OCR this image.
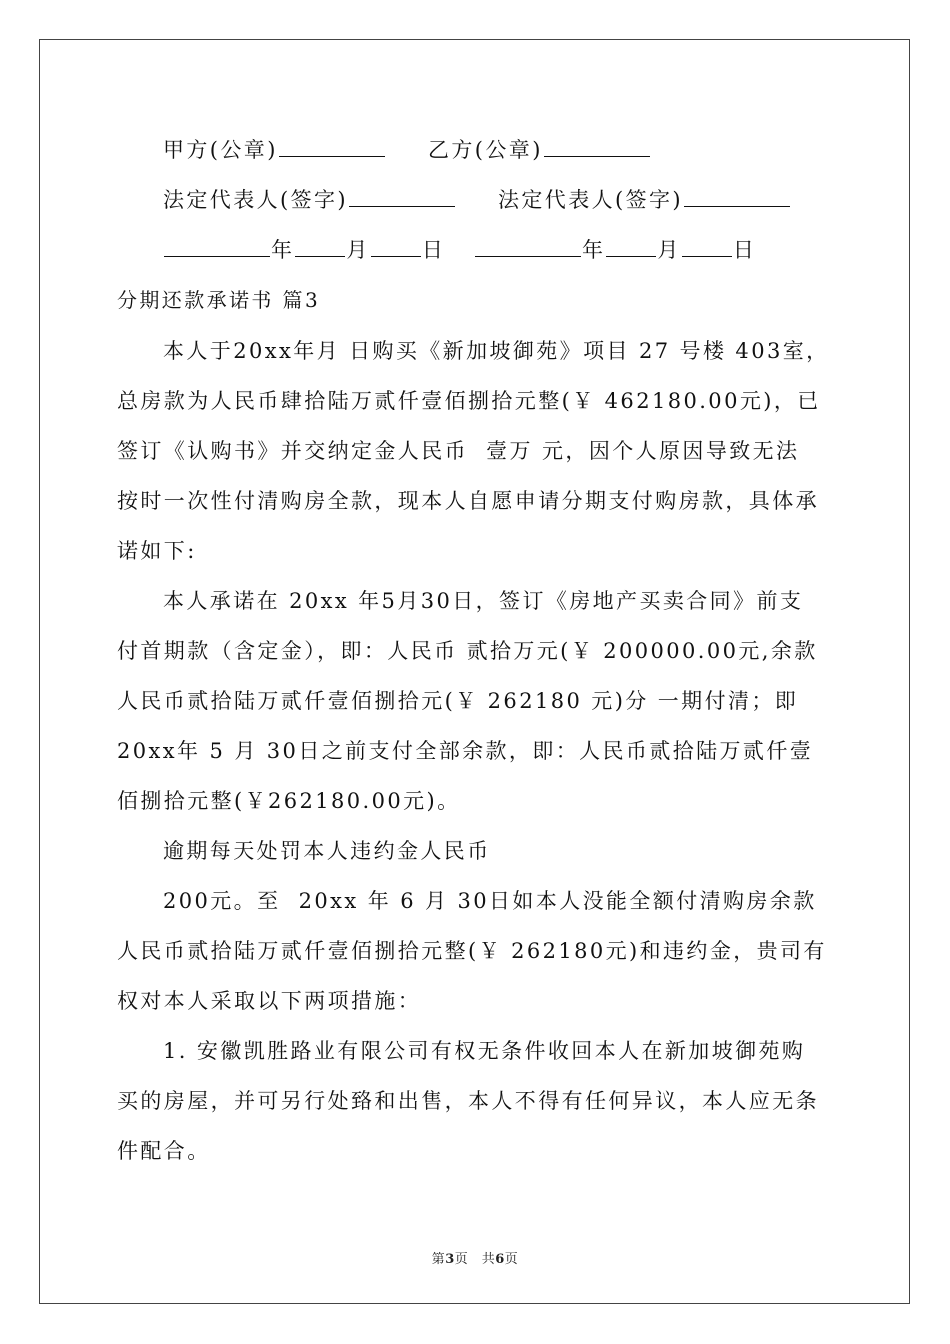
甲方(公章)	乙方(公章)
法定代表人(签字)	法定代表人(签字)
年 月 日	年 月 日
分期还款承诺书 篇3
本人于20xx年月 日购买《新加坡御苑》项目 27 号楼 403室，
总房款为人民币肆拾陆万贰仟壹佰捌拾元整(￥ 462180.00元)，已
签订《认购书》并交纳定金人民币  壹万 元，因个人原因导致无法
按时一次性付清购房全款，现本人自愿申请分期支付购房款，具体承
诺如下:
本人承诺在 20xx 年5月30日，签订《房地产买卖合同》前支
付首期款（含定金），即：人民币 贰拾万元(￥ 200000.00元,余款
人民币贰拾陆万贰仟壹佰捌拾元(￥ 262180 元)分 一期付清；即
20xx年 5 月 30日之前支付全部余款，即：人民币贰拾陆万贰仟壹
佰捌拾元整(￥262180.00元)。
逾期每天处罚本人违约金人民币
200元。至  20xx 年 6 月 30日如本人没能全额付清购房余款
人民币贰拾陆万贰仟壹佰捌拾元整(￥ 262180元)和违约金，贵司有
权对本人采取以下两项措施：
1. 安徽凯胜路业有限公司有权无条件收回本人在新加坡御苑购
买的房屋，并可另行处臵和出售，本人不得有任何异议，本人应无条
件配合。
第3页　共6页
